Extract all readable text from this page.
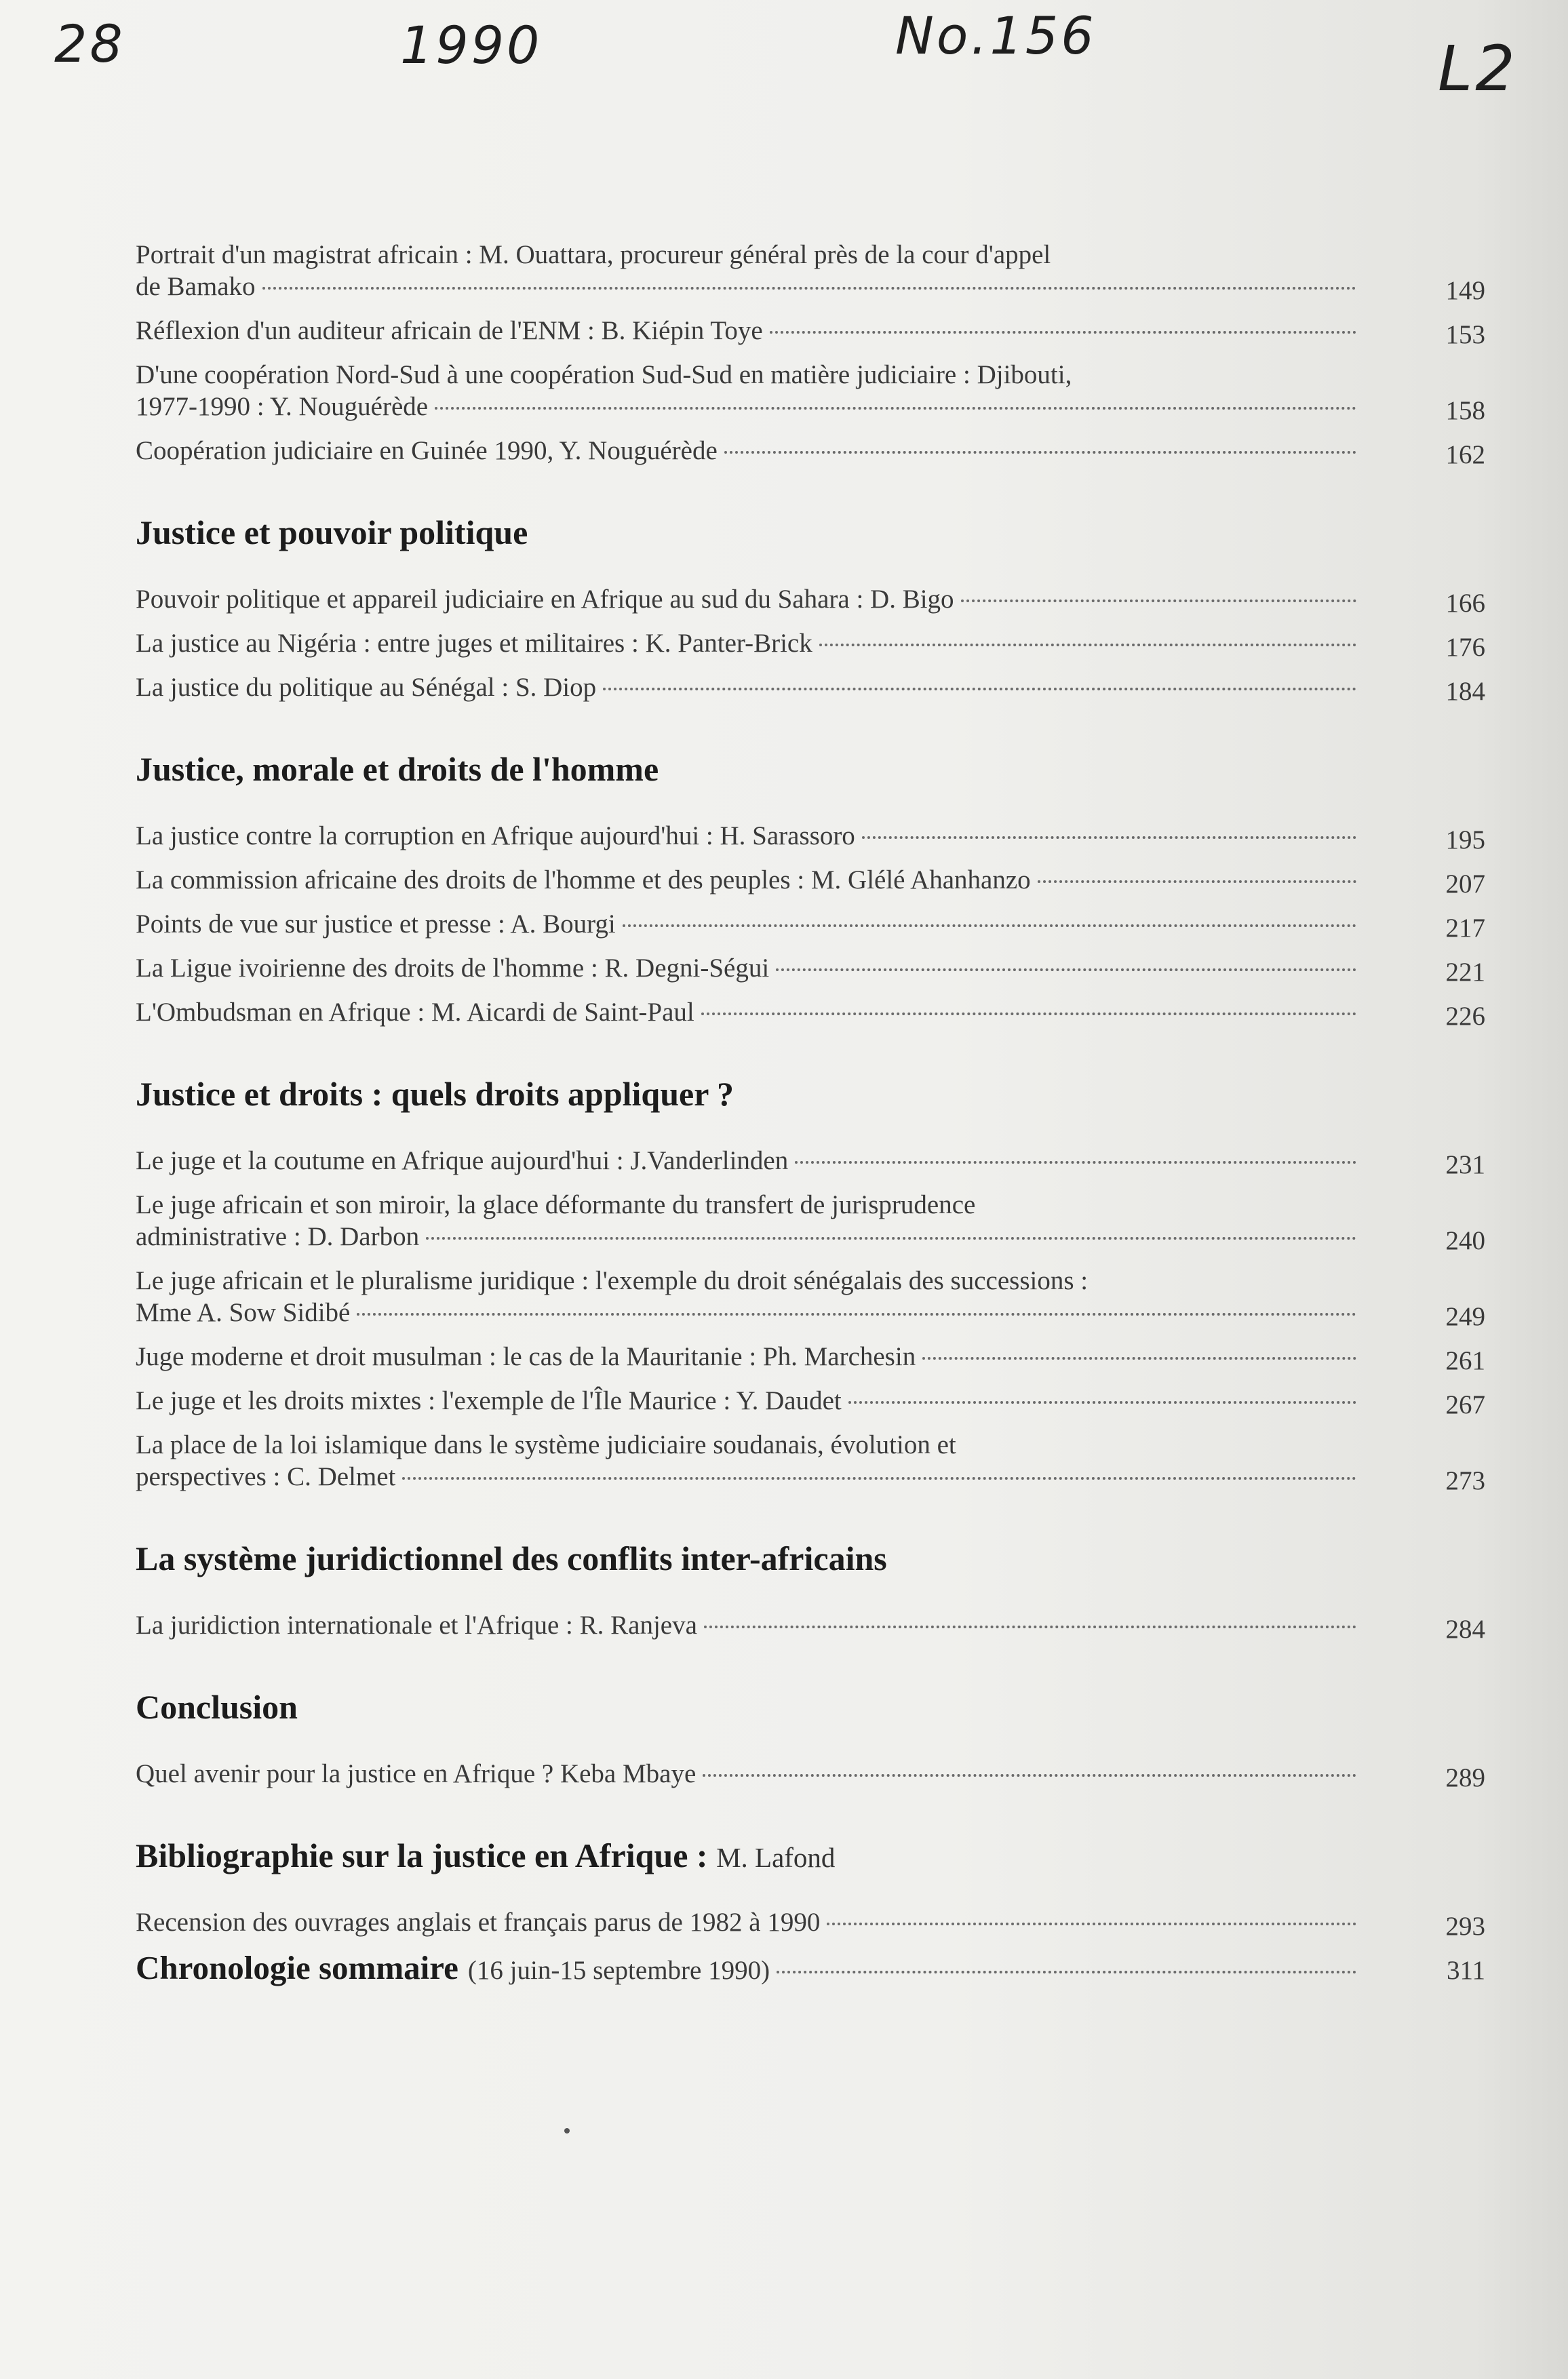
28	1990	No.156	L2
Portrait d'un magistrat africain : M. Ouattara, procureur général près de la cour d'appel
de Bamako	149
Réflexion d'un auditeur africain de l'ENM : B. Kiépin Toye	153
D'une coopération Nord-Sud à une coopération Sud-Sud en matière judiciaire : Djibouti,
1977-1990 : Y. Nouguérède	158
Coopération judiciaire en Guinée 1990, Y. Nouguérède	162
Justice et pouvoir politique
Pouvoir politique et appareil judiciaire en Afrique au sud du Sahara : D. Bigo	166
La justice au Nigéria : entre juges et militaires : K. Panter-Brick	176
La justice du politique au Sénégal : S. Diop	184
Justice, morale et droits de l'homme
La justice contre la corruption en Afrique aujourd'hui : H. Sarassoro	195
La commission africaine des droits de l'homme et des peuples : M. Glélé Ahanhanzo	207
Points de vue sur justice et presse : A. Bourgi	217
La Ligue ivoirienne des droits de l'homme : R. Degni-Ségui	221
L'Ombudsman en Afrique : M. Aicardi de Saint-Paul	226
Justice et droits : quels droits appliquer ?
Le juge et la coutume en Afrique aujourd'hui : J.Vanderlinden	231
Le juge africain et son miroir, la glace déformante du transfert de jurisprudence
administrative : D. Darbon	240
Le juge africain et le pluralisme juridique : l'exemple du droit sénégalais des successions :
Mme A. Sow Sidibé	249
Juge moderne et droit musulman : le cas de la Mauritanie : Ph. Marchesin	261
Le juge et les droits mixtes : l'exemple de l'Île Maurice : Y. Daudet	267
La place de la loi islamique dans le système judiciaire soudanais, évolution et
perspectives : C. Delmet	273
La système juridictionnel des conflits inter-africains
La juridiction internationale et l'Afrique : R. Ranjeva	284
Conclusion
Quel avenir pour la justice en Afrique ? Keba Mbaye	289
Bibliographie sur la justice en Afrique : M. Lafond
Recension des ouvrages anglais et français parus de 1982 à 1990	293
Chronologie sommaire (16 juin-15 septembre 1990)	311
